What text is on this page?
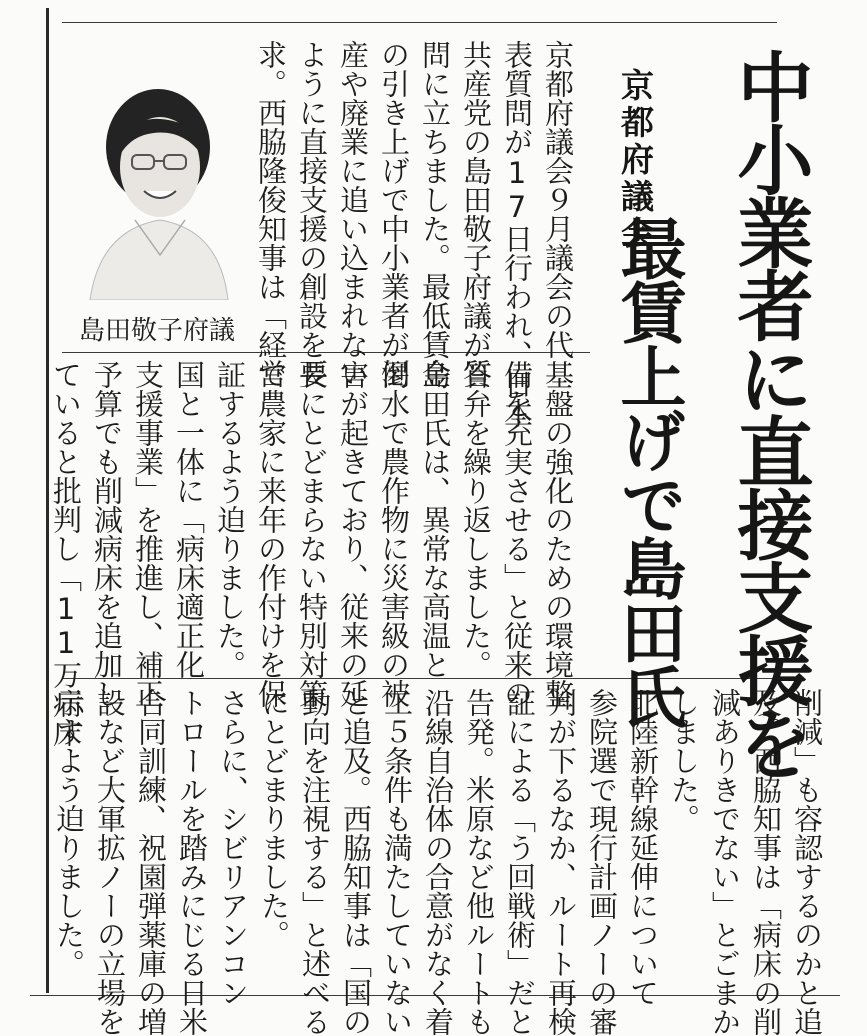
中小業者に直接支援を

京都府議会

最賃上げで島田氏

島田敬子府議	京都府議会９月議会の代
表質問が17日行われ、日本
共産党の島田敬子府議が質
問に立ちました。最低賃金
の引き上げで中小業者が倒
産や廃業に追い込まれない
ように直接支援の創設を要
求。西脇隆俊知事は「経営
基盤の強化のための環境整
備を充実させる」と従来の
答弁を繰り返しました。
島田氏は、異常な高温と
渇水で農作物に災害級の被
害が起きており、従来の延
長にとどまらない特別対策
で農家に来年の作付けを保
証するよう迫りました。
国と一体に「病床適正化
支援事業」を推進し、補正
予算でも削減病床を追加し
ていると批判し「11万病床
削減」も容認するのかと追
及。西脇知事は「病床の削
減ありきでない」とごまか
しました。
北陸新幹線延伸について
参院選で現行計画ノーの審
判が下るなか、ルート再検
証による「う回戦術」だと
告発。米原など他ルートも
沿線自治体の合意がなく着
工５条件も満たしていない
と追及。西脇知事は「国の
動向を注視する」と述べる
にとどまりました。
さらに、シビリアンコン
トロールを踏みにじる日米
合同訓練、祝園弾薬庫の増
設など大軍拡ノーの立場を
示すよう迫りました。
